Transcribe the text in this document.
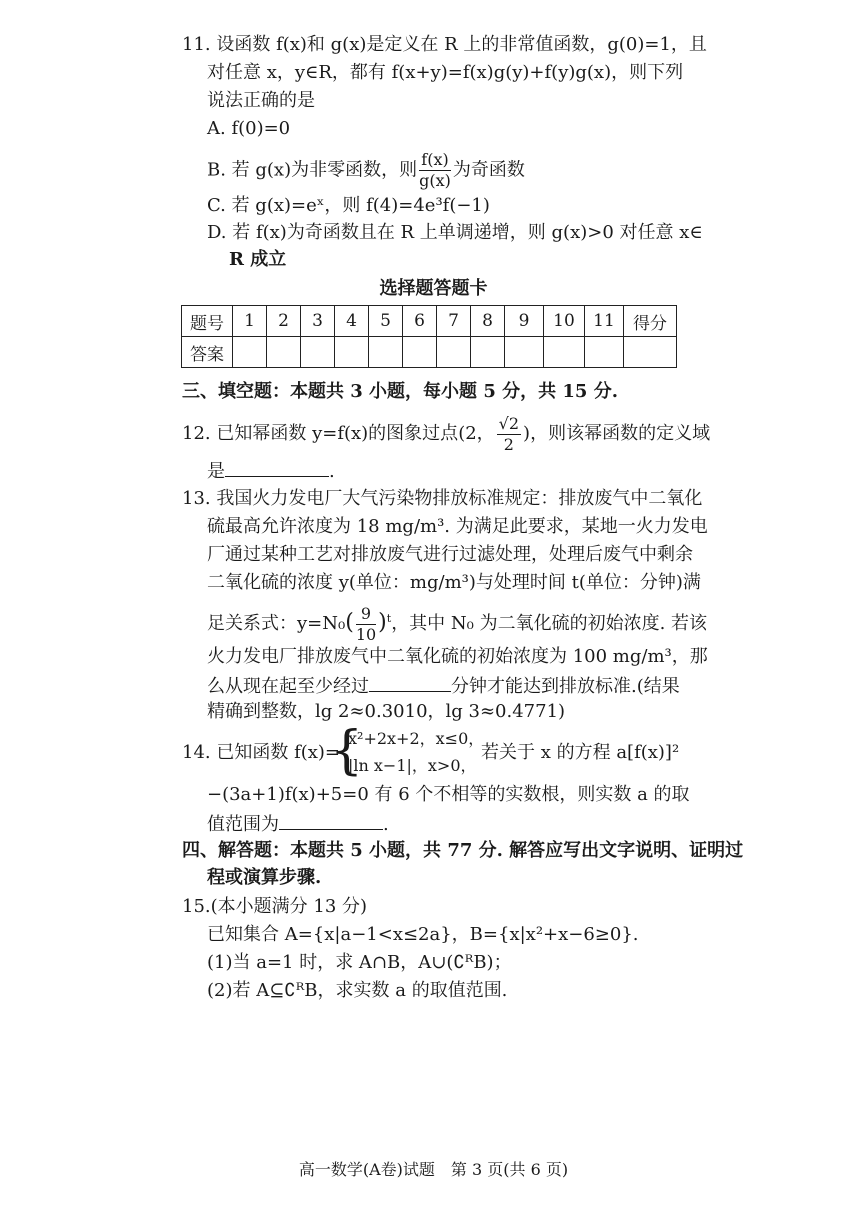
11. 设函数 f(x)和 g(x)是定义在 R 上的非常值函数，g(0)=1，且
对任意 x，y∈R，都有 f(x+y)=f(x)g(y)+f(y)g(x)，则下列
说法正确的是
A. f(0)=0
B. 若 g(x)为非零函数，则 $\frac{f(x)}{g(x)}$ 为奇函数
C. 若 g(x)=eˣ，则 f(4)=4e³f(−1)
D. 若 f(x)为奇函数且在 R 上单调递增，则 g(x)>0 对任意 x∈
R 成立
选择题答题卡
题号	1	2	3	4	5	6	7	8	9	10	11	得分
答案												
三、填空题：本题共 3 小题，每小题 5 分，共 15 分.
12. 已知幂函数 y=f(x)的图象过点(2， $\frac{√2}{2}$ )，则该幂函数的定义域
是	.
13. 我国火力发电厂大气污染物排放标准规定：排放废气中二氧化
硫最高允许浓度为 18 mg/m³. 为满足此要求，某地一火力发电
厂通过某种工艺对排放废气进行过滤处理，处理后废气中剩余
二氧化硫的浓度 y(单位：mg/m³)与处理时间 t(单位：分钟)满
足关系式：$y=N_0( \frac{9}{10} )^t$，其中 N₀ 为二氧化硫的初始浓度. 若该
火力发电厂排放废气中二氧化硫的初始浓度为 100 mg/m³，那
么从现在起至少经过	分钟才能达到排放标准.(结果
精确到整数，lg 2≈0.3010，lg 3≈0.4771)
14. 已知函数 f(x)=
{
x²+2x+2，x≤0，
|ln x−1|，x>0，
若关于 x 的方程 a[f(x)]²
−(3a+1)f(x)+5=0 有 6 个不相等的实数根，则实数 a 的取
值范围为	.
四、解答题：本题共 5 小题，共 77 分. 解答应写出文字说明、证明过
程或演算步骤.
15.(本小题满分 13 分)
已知集合 A={x|a−1<x≤2a}，B={x|x²+x−6≥0}.
(1)当 a=1 时，求 A∩B，A∪(∁ᴿB)；
(2)若 A⊆∁ᴿB，求实数 a 的取值范围.
高一数学(A卷)试题　第 3 页(共 6 页)
